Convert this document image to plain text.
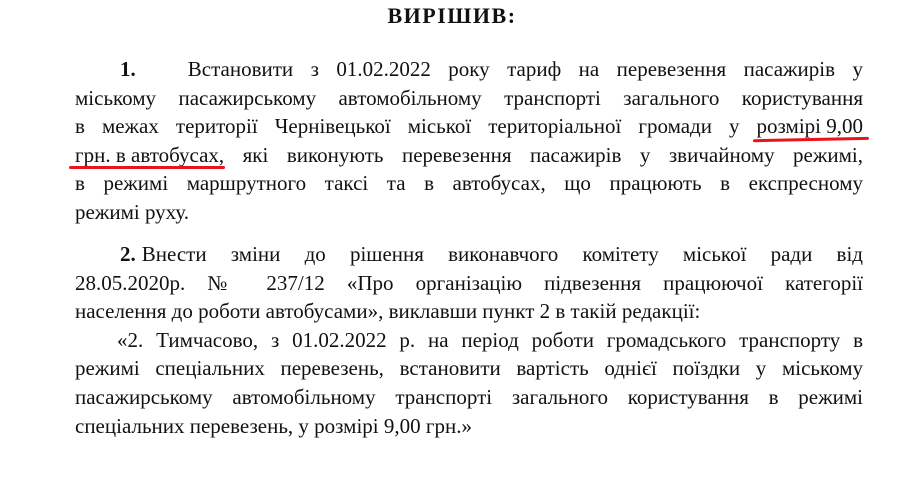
ВИРІШИВ:
1. Встановити з 01.02.2022 року тариф на перевезення пасажирів у
міському пасажирському автомобільному транспорті загального користування
в межах території Чернівецької міської територіальної громади у розмірі 9,00
грн. в автобусах, які виконують перевезення пасажирів у звичайному режимі,
в режимі маршрутного таксі та в автобусах, що працюють в експресному
режимі руху.
2. Внести зміни до рішення виконавчого комітету міської ради від
28.05.2020р. № 237/12 «Про організацію підвезення працюючої категорії
населення до роботи автобусами», виклавши пункт 2 в такій редакції:
«2. Тимчасово, з 01.02.2022 р. на період роботи громадського транспорту в
режимі спеціальних перевезень, встановити вартість однієї поїздки у міському
пасажирському автомобільному транспорті загального користування в режимі
спеціальних перевезень, у розмірі 9,00 грн.»
